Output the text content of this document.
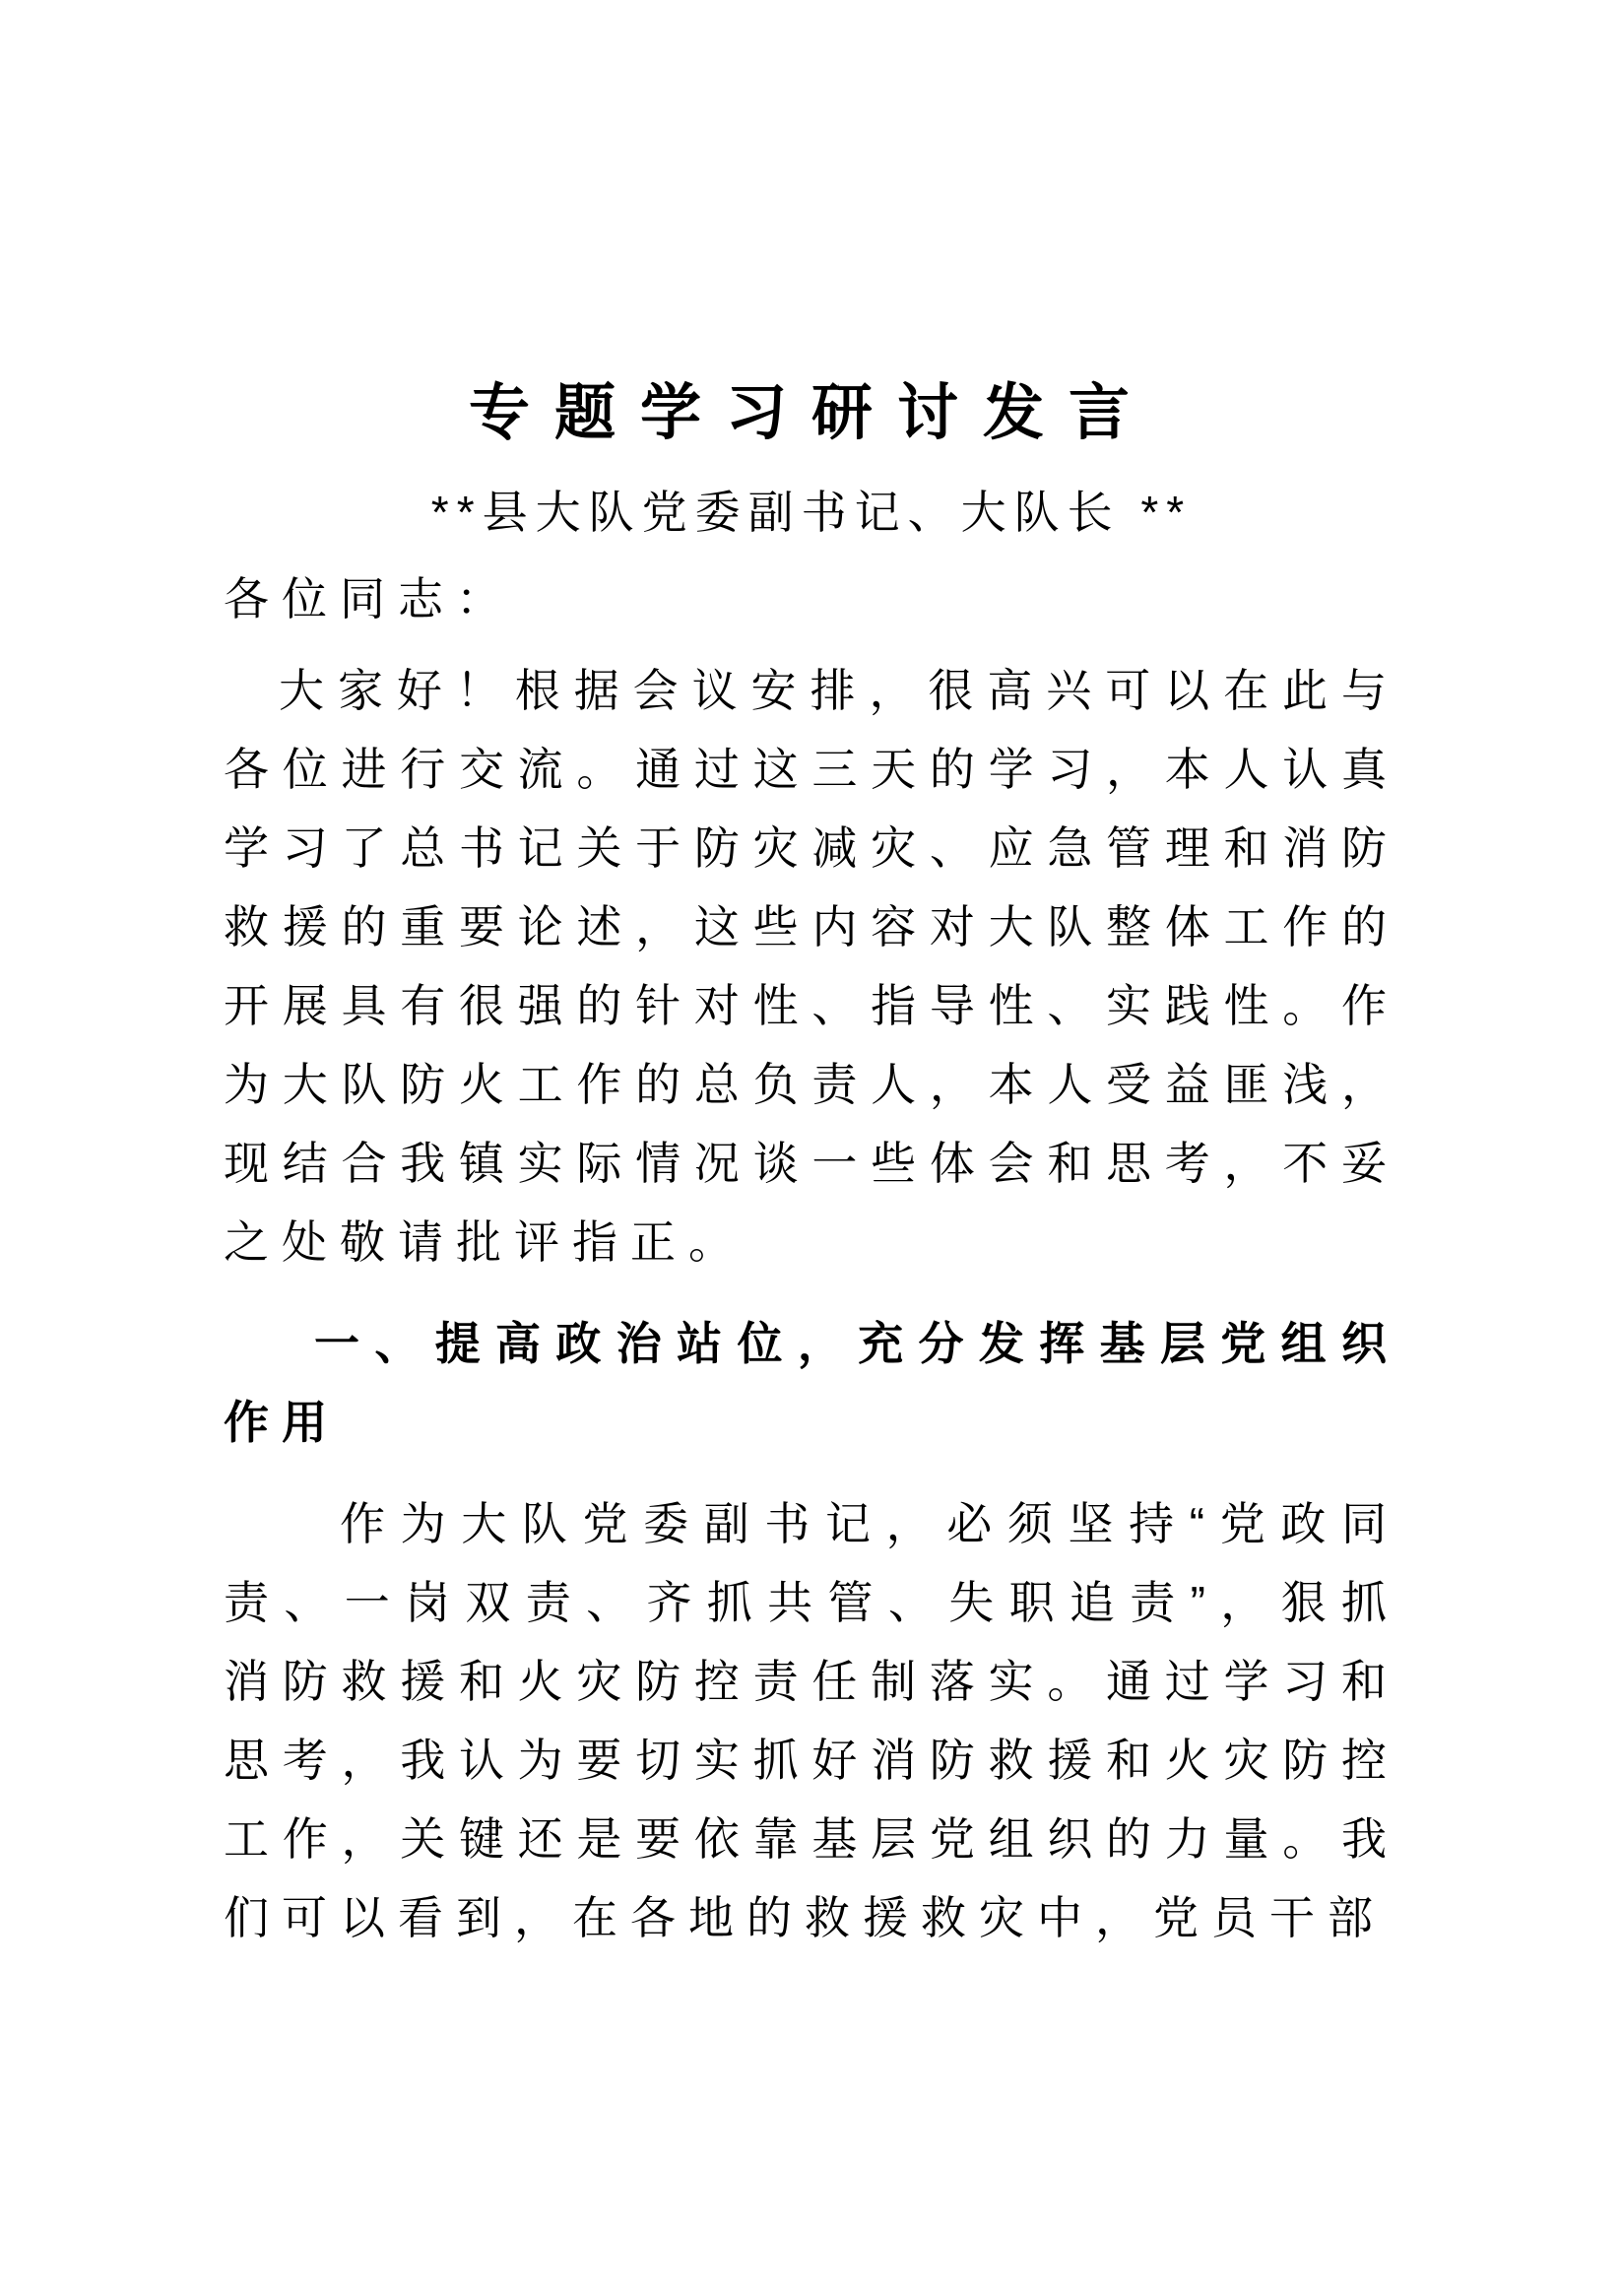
专题学习研讨发言
**县大队党委副书记、大队长 **
各位同志：

大家好！根据会议安排，很高兴可以在此与各位进行交流。通过这三天的学习，本人认真学习了总书记关于防灾减灾、应急管理和消防救援的重要论述，这些内容对大队整体工作的开展具有很强的针对性、指导性、实践性。作为大队防火工作的总负责人，本人受益匪浅，现结合我镇实际情况谈一些体会和思考，不妥之处敬请批评指正。

一、提高政治站位，充分发挥基层党组织作用

作为大队党委副书记，必须坚持“党政同责、一岗双责、齐抓共管、失职追责”，狠抓消防救援和火灾防控责任制落实。通过学习和思考，我认为要切实抓好消防救援和火灾防控工作，关键还是要依靠基层党组织的力量。我们可以看到，在各地的救援救灾中，党员干部
